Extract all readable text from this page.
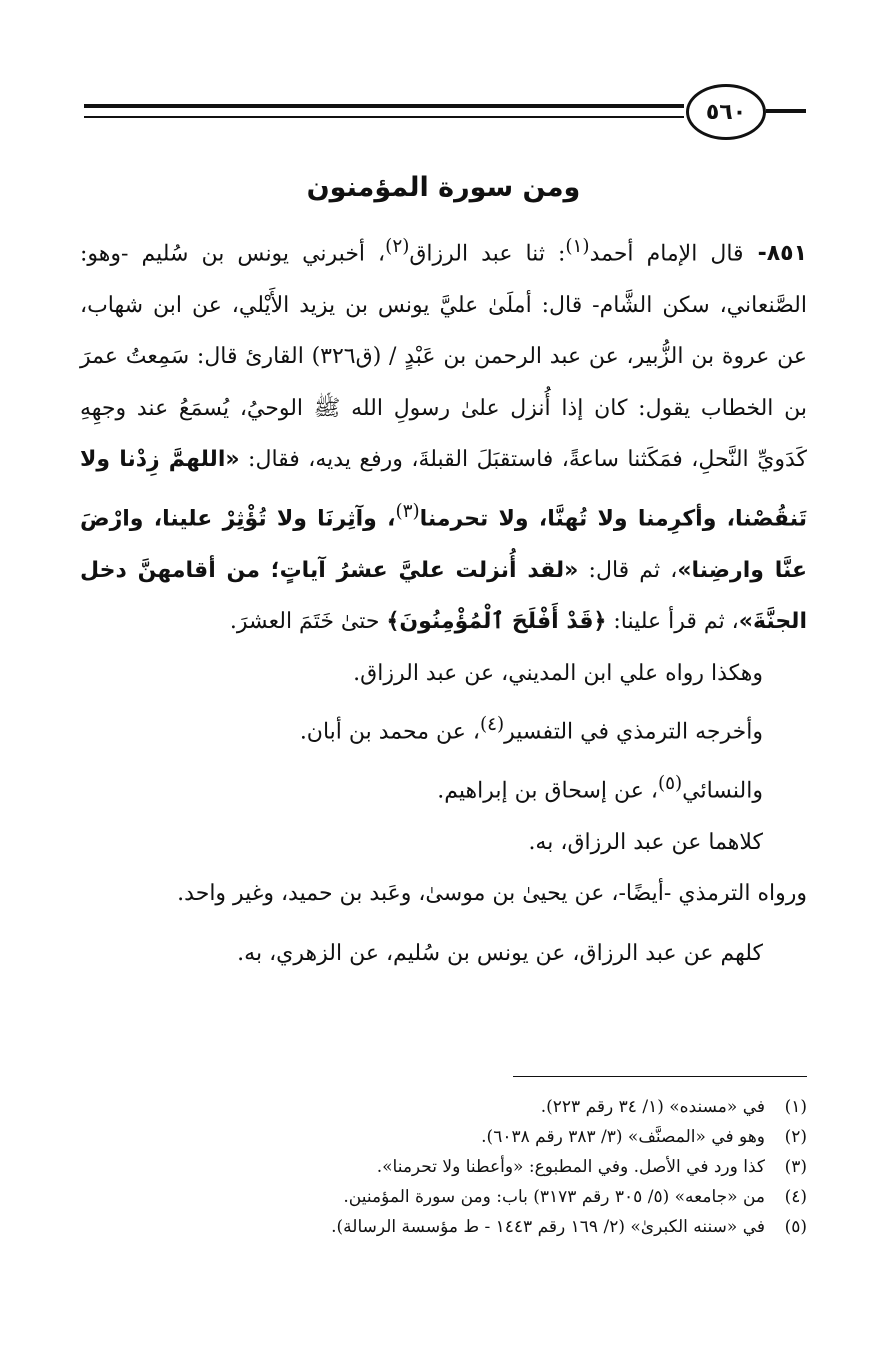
٥٦٠
ومن سورة المؤمنون

٨٥١-قال الإمام أحمد$^{(١)}$: ثنا عبد الرزاق$^{(٢)}$، أخبرني يونس بن سُليم -وهو: الصَّنعاني، سكن الشَّام- قال: أملَىٰ عليَّ يونس بن يزيد الأَيْلي، عن ابن شهاب، عن عروة بن الزُّبير، عن عبد الرحمن بن عَبْدٍ / (ق٣٢٦) القارئ قال: سَمِعتُ عمرَ بن الخطاب يقول: كان إذا أُنزل علىٰ رسولِ الله ﷺ الوحيُ، يُسمَعُ عند وجهِهِ كَدَويِّ النَّحلِ، فمَكَثنا ساعةً، فاستقبَلَ القبلةَ، ورفع يديه، فقال: «اللهمَّ زِدْنا ولا تَنقُصْنا، وأكرِمنا ولا تُهنَّا، ولا تحرمنا$^{(٣)}$، وآثِرنَا ولا تُؤْثِرْ علينا، وارْضَ عنَّا وارضِنا»، ثم قال: «لقد أُنزلت عليَّ عشرُ آياتٍ؛ من أقامهنَّ دخل الجنَّةَ»، ثم قرأ علينا: ﴿قَدْ أَفْلَحَ ٱلْمُؤْمِنُونَ﴾ حتىٰ خَتَمَ العشرَ.

وهكذا رواه علي ابن المديني، عن عبد الرزاق.

وأخرجه الترمذي في التفسير$^{(٤)}$، عن محمد بن أبان.

والنسائي$^{(٥)}$، عن إسحاق بن إبراهيم.

كلاهما عن عبد الرزاق، به.

ورواه الترمذي -أيضًا-، عن يحيىٰ بن موسىٰ، وعَبد بن حميد، وغير واحد.

كلهم عن عبد الرزاق، عن يونس بن سُليم، عن الزهري، به.

(١)
في «مسنده» (١/ ٣٤ رقم ٢٢٣).

(٢)
وهو في «المصنَّف» (٣/ ٣٨٣ رقم ٦٠٣٨).

(٣)
كذا ورد في الأصل. وفي المطبوع: «وأعطنا ولا تحرمنا».

(٤)
من «جامعه» (٥/ ٣٠٥ رقم ٣١٧٣) باب: ومن سورة المؤمنين.

(٥)
في «سننه الكبرىٰ» (٢/ ١٦٩ رقم ١٤٤٣ - ط مؤسسة الرسالة).
